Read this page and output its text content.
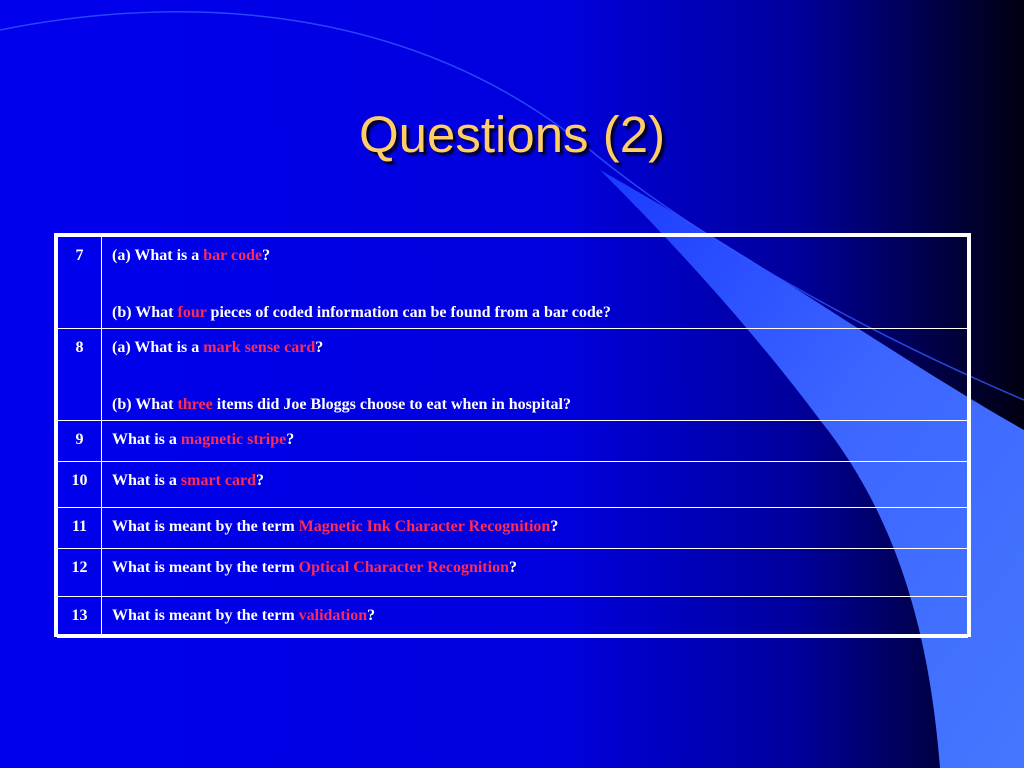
Questions (2)
7	(a) What is a bar code?
(b) What four pieces of coded information can be found from a bar code?

8	(a) What is a mark sense card?
(b) What three items did Joe Bloggs choose to eat when in hospital?

9	What is a magnetic stripe?

10	What is a smart card?

11	What is meant by the term Magnetic Ink Character Recognition?

12	What is meant by the term Optical Character Recognition?

13	What is meant by the term validation?
